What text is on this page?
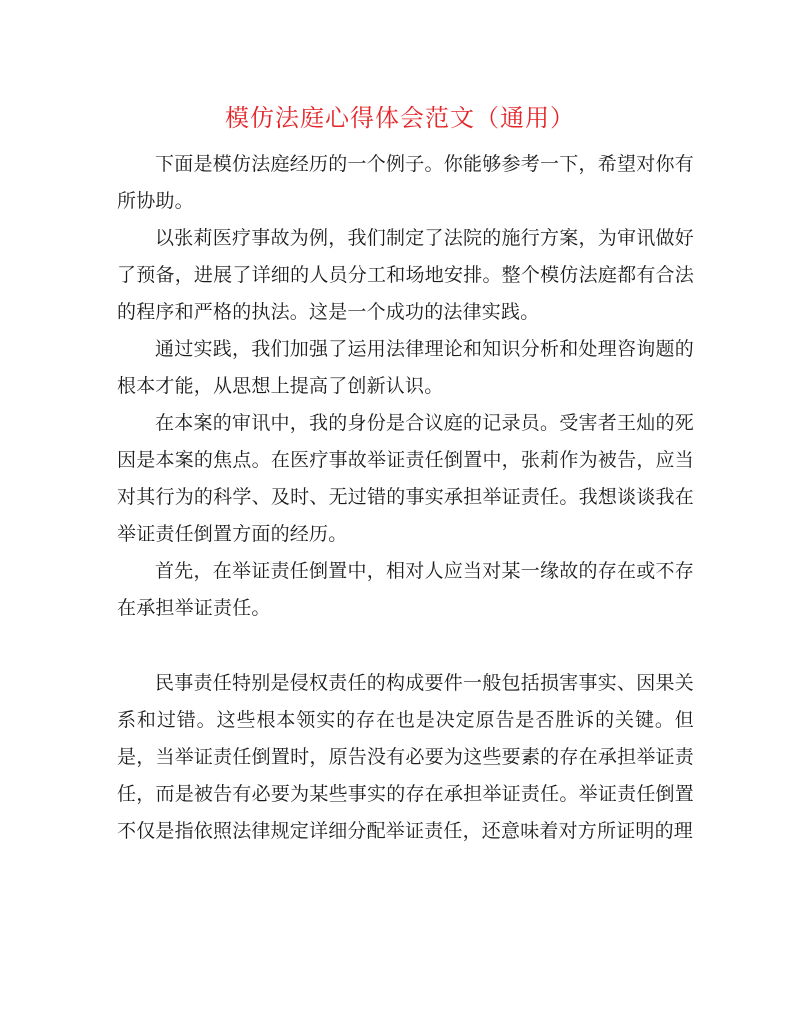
模仿法庭心得体会范文（通用）

下面是模仿法庭经历的一个例子。你能够参考一下，希望对你有所协助。

以张莉医疗事故为例，我们制定了法院的施行方案，为审讯做好了预备，进展了详细的人员分工和场地安排。整个模仿法庭都有合法的程序和严格的执法。这是一个成功的法律实践。

通过实践，我们加强了运用法律理论和知识分析和处理咨询题的根本才能，从思想上提高了创新认识。

在本案的审讯中，我的身份是合议庭的记录员。受害者王灿的死因是本案的焦点。在医疗事故举证责任倒置中，张莉作为被告，应当对其行为的科学、及时、无过错的事实承担举证责任。我想谈谈我在举证责任倒置方面的经历。

首先，在举证责任倒置中，相对人应当对某一缘故的存在或不存在承担举证责任。

民事责任特别是侵权责任的构成要件一般包括损害事实、因果关系和过错。这些根本领实的存在也是决定原告是否胜诉的关键。但是，当举证责任倒置时，原告没有必要为这些要素的存在承担举证责任，而是被告有必要为某些事实的存在承担举证责任。举证责任倒置不仅是指依照法律规定详细分配举证责任，还意味着对方所证明的理
